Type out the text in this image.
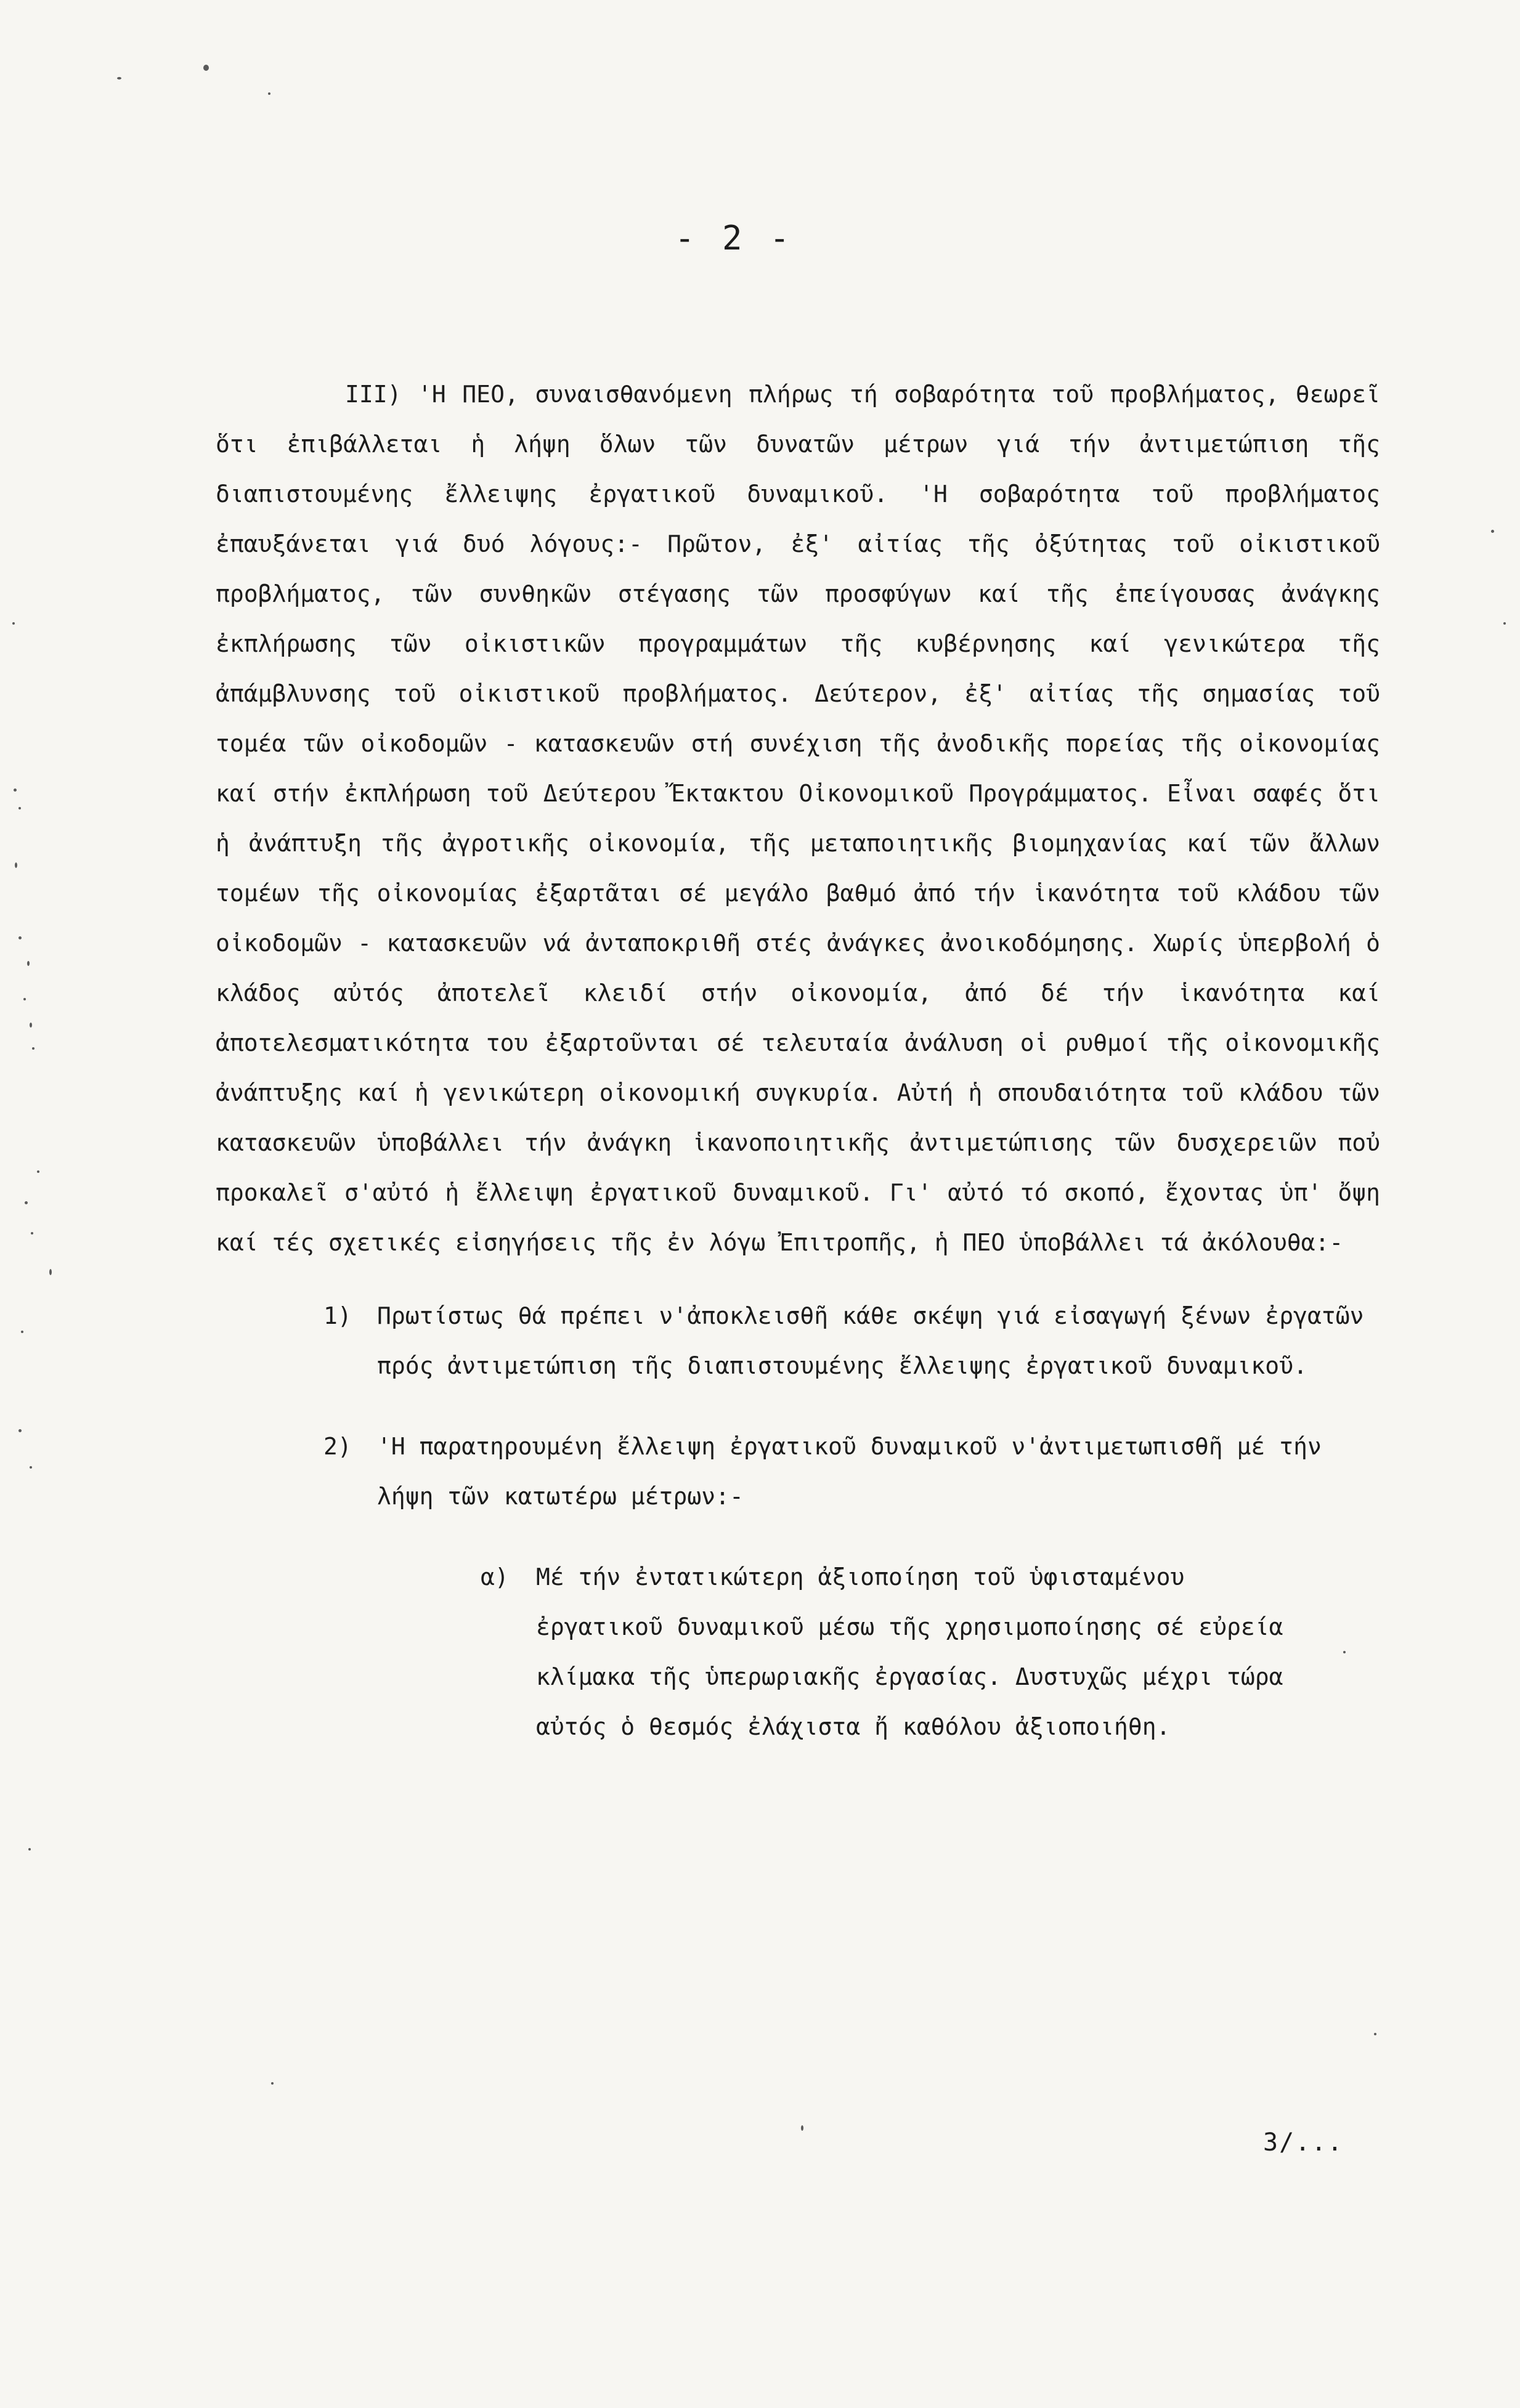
- 2 -

III) 'Η ΠΕΟ, συναισθανόμενη πλήρως τή σοβαρότητα τοῦ προβλήματος, θεωρεῖ ὅτι ἐπιβάλλεται ἡ λήψη ὅλων τῶν δυνατῶν μέτρων γιά τήν ἀντιμετώπιση τῆς διαπιστουμένης ἔλλειψης ἐργατικοῦ δυναμικοῦ. 'Η σοβαρότητα τοῦ προβλήματος ἐπαυξάνεται γιά δυό λόγους:- Πρῶτον, ἐξ' αἰτίας τῆς ὀξύτητας τοῦ οἰκιστικοῦ προβλήματος, τῶν συνθηκῶν στέγασης τῶν προσφύγων καί τῆς ἐπείγουσας ἀνάγκης ἐκπλήρωσης τῶν οἰκιστικῶν προγραμμάτων τῆς κυβέρνησης καί γενικώτερα τῆς ἀπάμβλυνσης τοῦ οἰκιστικοῦ προβλήματος. Δεύτερον, ἐξ' αἰτίας τῆς σημασίας τοῦ τομέα τῶν οἰκοδομῶν - κατασκευῶν στή συνέχιση τῆς ἀνοδικῆς πορείας τῆς οἰκονομίας καί στήν ἐκπλήρωση τοῦ Δεύτερου Ἔκτακτου Οἰκονομικοῦ Προγράμματος. Εἶναι σαφές ὅτι ἡ ἀνάπτυξη τῆς ἀγροτικῆς οἰκονομία, τῆς μεταποιητικῆς βιομηχανίας καί τῶν ἄλλων τομέων τῆς οἰκονομίας ἐξαρτᾶται σέ μεγάλο βαθμό ἀπό τήν ἱκανότητα τοῦ κλάδου τῶν οἰκοδομῶν - κατασκευῶν νά ἀνταποκριθῆ στές ἀνάγκες ἀνοικοδόμησης. Χωρίς ὑπερβολή ὁ κλάδος αὐτός ἀποτελεῖ κλειδί στήν οἰκονομία, ἀπό δέ τήν ἱκανότητα καί ἀποτελεσματικότητα του ἐξαρτοῦνται σέ τελευταία ἀνάλυση οἱ ρυθμοί τῆς οἰκονομικῆς ἀνάπτυξης καί ἡ γενικώτερη οἰκονομική συγκυρία. Αὐτή ἡ σπουδαιότητα τοῦ κλάδου τῶν κατασκευῶν ὑποβάλλει τήν ἀνάγκη ἱκανοποιητικῆς ἀντιμετώπισης τῶν δυσχερειῶν ποὐ προκαλεῖ σ'αὐτό ἡ ἔλλειψη ἐργατικοῦ δυναμικοῦ. Γι' αὐτό τό σκοπό, ἔχοντας ὑπ' ὄψη καί τές σχετικές εἰσηγήσεις τῆς ἐν λόγω Ἐπιτροπῆς, ἡ ΠΕΟ ὑποβάλλει τά ἀκόλουθα:-

1) Πρωτίστως θά πρέπει ν'ἀποκλεισθῆ κάθε σκέψη γιά εἰσαγωγή ξένων ἐργατῶν πρός ἀντιμετώπιση τῆς διαπιστουμένης ἔλλειψης ἐργατικοῦ δυναμικοῦ.
2) 'Η παρατηρουμένη ἔλλειψη ἐργατικοῦ δυναμικοῦ ν'ἀντιμετωπισθῆ μέ τήν λήψη τῶν κατωτέρω μέτρων:-
α) Μέ τήν ἐντατικώτερη ἀξιοποίηση τοῦ ὑφισταμένου ἐργατικοῦ δυναμικοῦ μέσω τῆς χρησιμοποίησης σέ εὐρεία κλίμακα τῆς ὑπερωριακῆς ἐργασίας. Δυστυχῶς μέχρι τώρα αὐτός ὁ θεσμός ἐλάχιστα ἤ καθόλου ἀξιοποιήθη.
3/...
